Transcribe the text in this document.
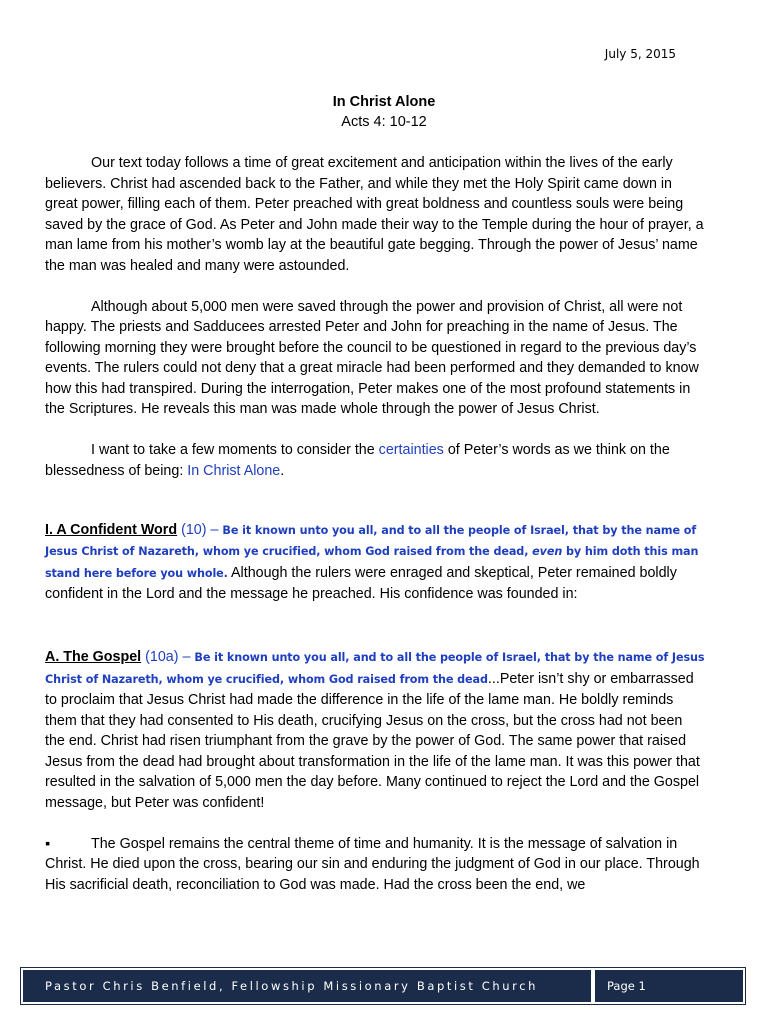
July 5, 2015
In Christ Alone
Acts 4: 10-12

Our text today follows a time of great excitement and anticipation within the lives of the early believers. Christ had ascended back to the Father, and while they met the Holy Spirit came down in great power, filling each of them. Peter preached with great boldness and countless souls were being saved by the grace of God. As Peter and John made their way to the Temple during the hour of prayer, a man lame from his mother’s womb lay at the beautiful gate begging. Through the power of Jesus’ name the man was healed and many were astounded.

Although about 5,000 men were saved through the power and provision of Christ, all were not happy. The priests and Sadducees arrested Peter and John for preaching in the name of Jesus. The following morning they were brought before the council to be questioned in regard to the previous day’s events. The rulers could not deny that a great miracle had been performed and they demanded to know how this had transpired. During the interrogation, Peter makes one of the most profound statements in the Scriptures. He reveals this man was made whole through the power of Jesus Christ.

I want to take a few moments to consider the certainties of Peter’s words as we think on the blessedness of being: In Christ Alone.

I. A Confident Word (10) – Be it known unto you all, and to all the people of Israel, that by the name of Jesus Christ of Nazareth, whom ye crucified, whom God raised from the dead, even by him doth this man stand here before you whole. Although the rulers were enraged and skeptical, Peter remained boldly confident in the Lord and the message he preached. His confidence was founded in:

A. The Gospel (10a) – Be it known unto you all, and to all the people of Israel, that by the name of Jesus Christ of Nazareth, whom ye crucified, whom God raised from the dead...Peter isn’t shy or embarrassed to proclaim that Jesus Christ had made the difference in the life of the lame man. He boldly reminds them that they had consented to His death, crucifying Jesus on the cross, but the cross had not been the end. Christ had risen triumphant from the grave by the power of God. The same power that raised Jesus from the dead had brought about transformation in the life of the lame man. It was this power that resulted in the salvation of 5,000 men the day before. Many continued to reject the Lord and the Gospel message, but Peter was confident!

▪	The Gospel remains the central theme of time and humanity. It is the message of salvation in Christ. He died upon the cross, bearing our sin and enduring the judgment of God in our place. Through His sacrificial death, reconciliation to God was made. Had the cross been the end, we

Pastor Chris Benfield, Fellowship Missionary Baptist Church	Page 1
